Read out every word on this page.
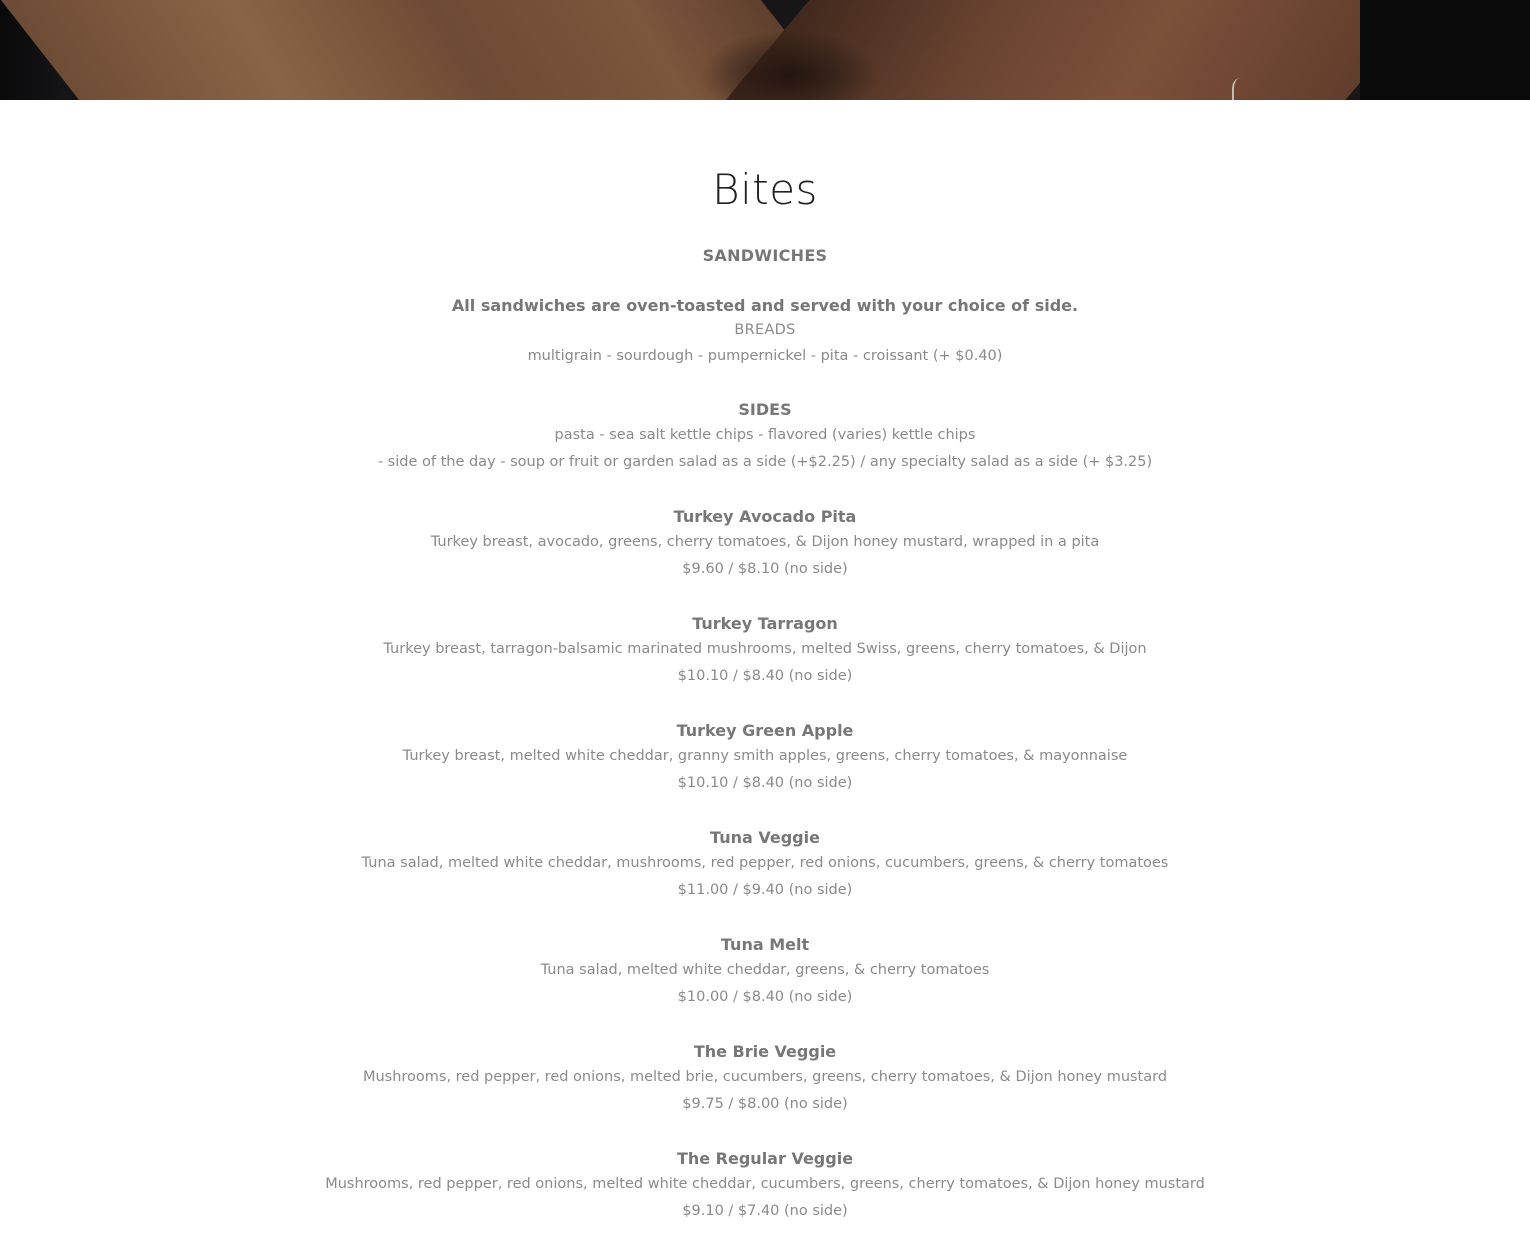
Bites
SANDWICHES
All sandwiches are oven-toasted and served with your choice of side.
BREADS
multigrain - sourdough - pumpernickel - pita - croissant (+ $0.40)
SIDES
pasta - sea salt kettle chips - flavored (varies) kettle chips
- side of the day - soup or fruit or garden salad as a side (+$2.25) / any specialty salad as a side (+ $3.25)
Turkey Avocado Pita
Turkey breast, avocado, greens, cherry tomatoes, & Dijon honey mustard, wrapped in a pita
$9.60 / $8.10 (no side)
Turkey Tarragon
Turkey breast, tarragon-balsamic marinated mushrooms, melted Swiss, greens, cherry tomatoes, & Dijon
$10.10 / $8.40 (no side)
Turkey Green Apple
Turkey breast, melted white cheddar, granny smith apples, greens, cherry tomatoes, & mayonnaise
$10.10 / $8.40 (no side)
Tuna Veggie
Tuna salad, melted white cheddar, mushrooms, red pepper, red onions, cucumbers, greens, & cherry tomatoes
$11.00 / $9.40 (no side)
Tuna Melt
Tuna salad, melted white cheddar, greens, & cherry tomatoes
$10.00 / $8.40 (no side)
The Brie Veggie
Mushrooms, red pepper, red onions, melted brie, cucumbers, greens, cherry tomatoes, & Dijon honey mustard
$9.75 / $8.00 (no side)
The Regular Veggie
Mushrooms, red pepper, red onions, melted white cheddar, cucumbers, greens, cherry tomatoes, & Dijon honey mustard
$9.10 / $7.40 (no side)
